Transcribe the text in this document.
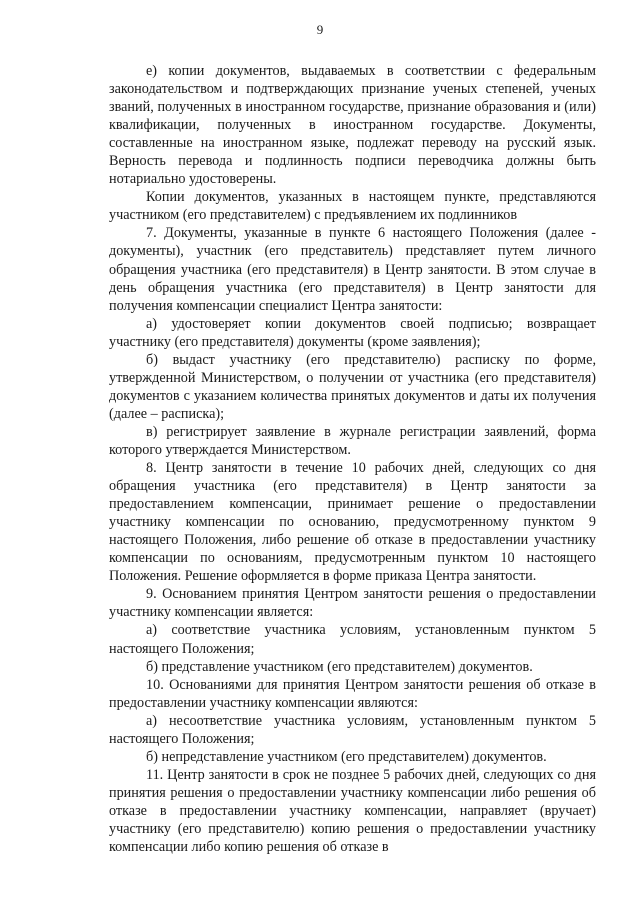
9

е) копии документов, выдаваемых в соответствии с федеральным законодательством и подтверждающих признание ученых степеней, ученых званий, полученных в иностранном государстве, признание образования и (или) квалификации, полученных в иностранном государстве. Документы, составленные на иностранном языке, подлежат переводу на русский язык. Верность перевода и подлинность подписи переводчика должны быть нотариально удостоверены.

Копии документов, указанных в настоящем пункте, представляются участником (его представителем) с предъявлением их подлинников

7. Документы, указанные в пункте 6 настоящего Положения (далее - документы), участник (его представитель) представляет путем личного обращения участника (его представителя) в Центр занятости. В этом случае в день обращения участника (его представителя) в Центр занятости для получения компенсации специалист Центра занятости:

а) удостоверяет копии документов своей подписью; возвращает участнику (его представителя) документы (кроме заявления);

б) выдаст участнику (его представителю) расписку по форме, утвержденной Министерством, о получении от участника (его представителя) документов с указанием количества принятых документов и даты их получения (далее – расписка);

в) регистрирует заявление в журнале регистрации заявлений, форма которого утверждается Министерством.

8. Центр занятости в течение 10 рабочих дней, следующих со дня обращения участника (его представителя) в Центр занятости за предоставлением компенсации, принимает решение о предоставлении участнику компенсации по основанию, предусмотренному пунктом 9 настоящего Положения, либо решение об отказе в предоставлении участнику компенсации по основаниям, предусмотренным пунктом 10 настоящего Положения. Решение оформляется в форме приказа Центра занятости.

9. Основанием принятия Центром занятости решения о предоставлении участнику компенсации является:

а) соответствие участника условиям, установленным пунктом 5 настоящего Положения;

б) представление участником (его представителем) документов.

10. Основаниями для принятия Центром занятости решения об отказе в предоставлении участнику компенсации являются:

а) несоответствие участника условиям, установленным пунктом 5 настоящего Положения;

б) непредставление участником (его представителем) документов.

11. Центр занятости в срок не позднее 5 рабочих дней, следующих со дня принятия решения о предоставлении участнику компенсации либо решения об отказе в предоставлении участнику компенсации, направляет (вручает) участнику (его представителю) копию решения о предоставлении участнику компенсации либо копию решения об отказе в
